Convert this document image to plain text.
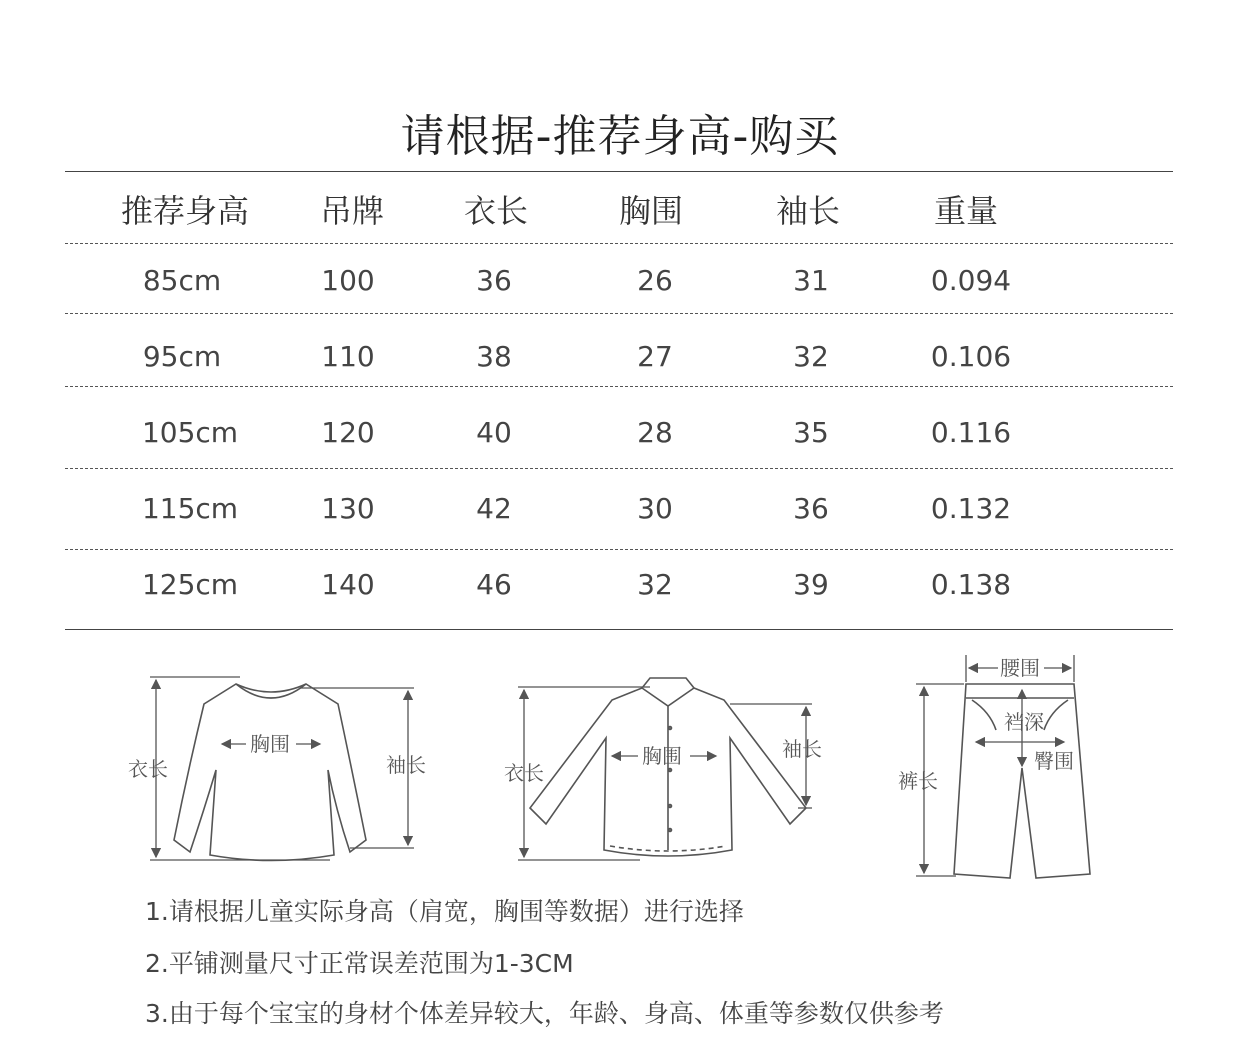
请根据-推荐身高-购买
推荐身高 吊牌 衣长	胸围	袖长	重量
85cm	100	36	26	31	0.094
95cm	110	38	27	32	0.106
105cm	120	40	28	35	0.116
115cm	130	42	30	36	0.132
125cm	140	46	32	39	0.138
衣长
胸围
袖长	衣长
胸围	袖长
腰围
裆深
臀围
裤长
1.请根据儿童实际身高（肩宽，胸围等数据）进行选择
2.平铺测量尺寸正常误差范围为1-3CM
3.由于每个宝宝的身材个体差异较大，年龄、身高、体重等参数仅供参考
